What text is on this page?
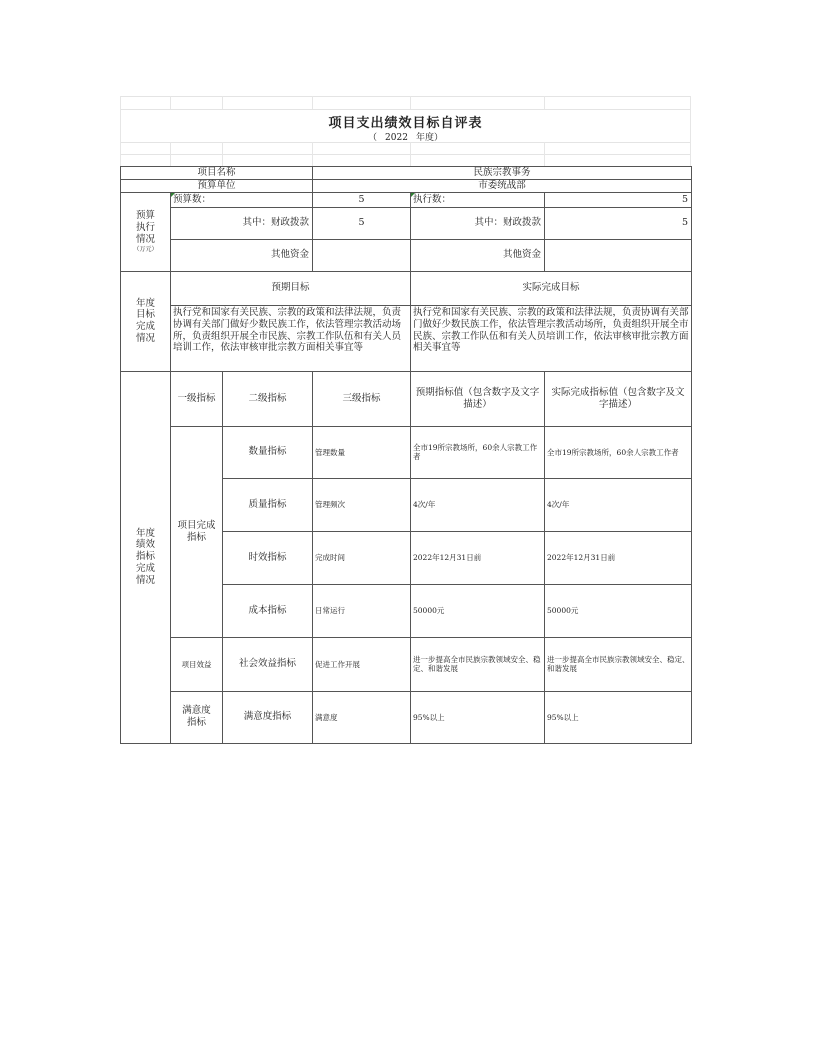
项目支出绩效目标自评表
（ 2022 年度）
项目名称			民族宗教事务		
预算单位			市委统战部		

预算执行情况
（万元）	预算数：		5	执行数：	5
	其中：财政拨款		5	其中：财政拨款	5
	其他资金			其他资金	

年度目标完成情况	预期目标			实际完成目标	
	执行党和国家有关民族、宗教的政策和法律法规，负责协调有关部门做好少数民族工作，依法管理宗教活动场所，负责组织开展全市民族、宗教工作队伍和有关人员培训工作，依法审核审批宗教方面相关事宜等			执行党和国家有关民族、宗教的政策和法律法规，负责协调有关部门做好少数民族工作，依法管理宗教活动场所，负责组织开展全市民族、宗教工作队伍和有关人员培训工作，依法审核审批宗教方面相关事宜等	

年度绩效指标完成情况	一级指标	二级指标	三级指标	预期指标值（包含数字及文字描述）	实际完成指标值（包含数字及文字描述）
	项目完成指标	数量指标	管理数量	全市19所宗教场所，60余人宗教工作者	全市19所宗教场所，60余人宗教工作者
		质量指标	管理频次	4次/年	4次/年
		时效指标	完成时间	2022年12月31日前	2022年12月31日前
		成本指标	日常运行	50000元	50000元
	项目效益	社会效益指标	促进工作开展	进一步提高全市民族宗教领域安全、稳定、和谐发展	进一步提高全市民族宗教领域安全、稳定、和谐发展
	满意度指标	满意度指标	满意度	95%以上	95%以上
